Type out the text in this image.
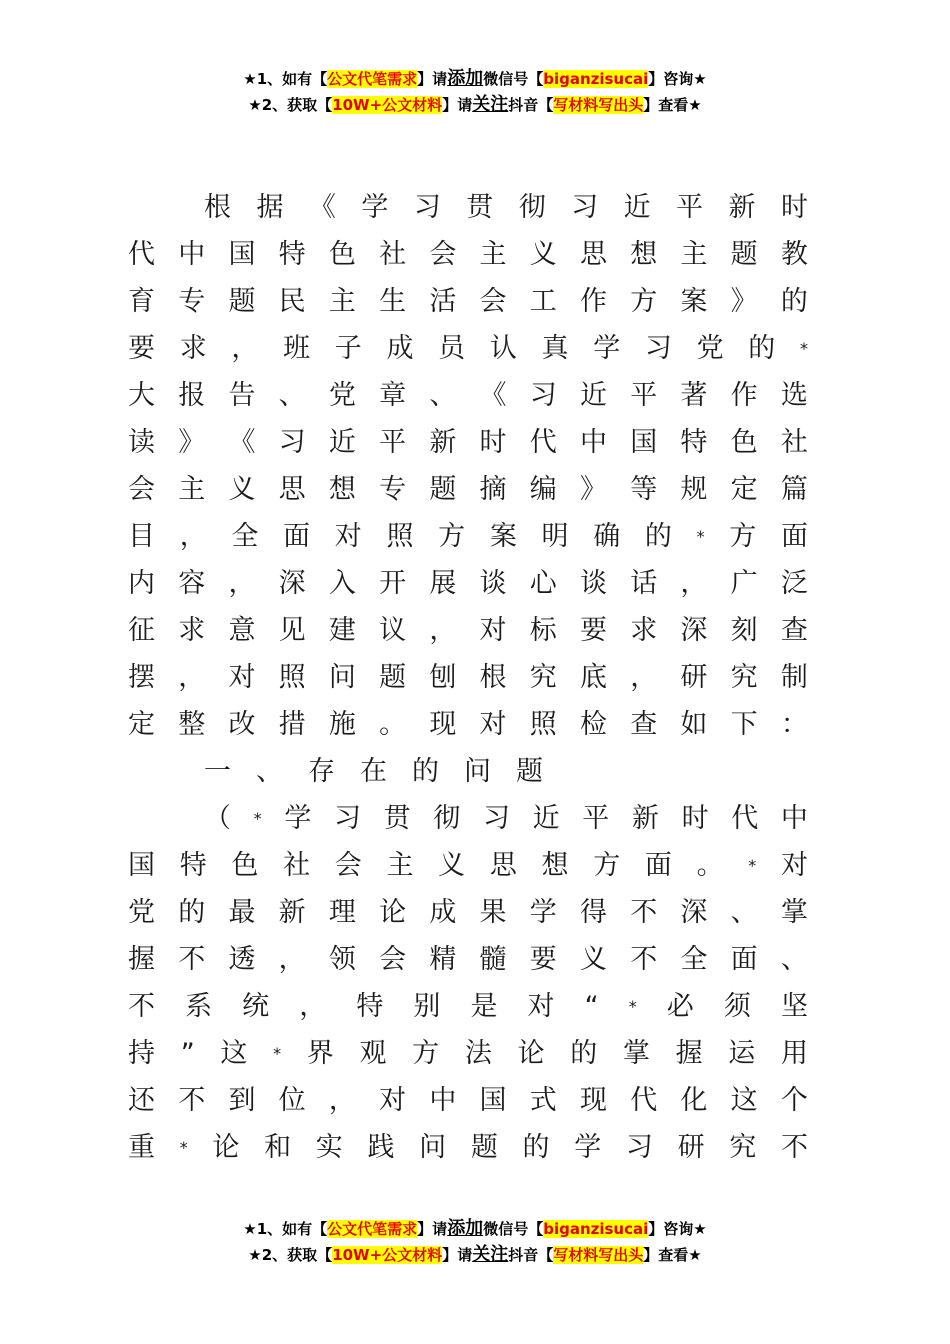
★1、如有【公文代笔需求】请添加微信号【biganzisucai】咨询★
★2、获取【10W+公文材料】请关注抖音【写材料写出头】查看★
根 据 《 学 习 贯 彻 习 近 平 新 时
代 中 国 特 色 社 会 主 义 思 想 主 题 教
育 专 题 民 主 生 活 会 工 作 方 案 》 的
要 求 ， 班 子 成 员 认 真 学 习 党 的 *
大 报 告 、 党 章 、 《 习 近 平 著 作 选
读 》 《 习 近 平 新 时 代 中 国 特 色 社
会 主 义 思 想 专 题 摘 编 》 等 规 定 篇
目 ， 全 面 对 照 方 案 明 确 的 * 方 面
内 容 ， 深 入 开 展 谈 心 谈 话 ， 广 泛
征 求 意 见 建 议 ， 对 标 要 求 深 刻 查
摆 ， 对 照 问 题 刨 根 究 底 ， 研 究 制
定 整 改 措 施 。 现 对 照 检 查 如 下 ：
一 、 存 在 的 问 题
（ * 学 习 贯 彻 习 近 平 新 时 代 中
国 特 色 社 会 主 义 思 想 方 面 。 * 对
党 的 最 新 理 论 成 果 学 得 不 深 、 掌
握 不 透 ， 领 会 精 髓 要 义 不 全 面 、
不 系 统 ， 特 别 是 对 “ * 必 须 坚
持 ” 这 * 界 观 方 法 论 的 掌 握 运 用
还 不 到 位 ， 对 中 国 式 现 代 化 这 个
重 * 论 和 实 践 问 题 的 学 习 研 究 不
★1、如有【公文代笔需求】请添加微信号【biganzisucai】咨询★
★2、获取【10W+公文材料】请关注抖音【写材料写出头】查看★
